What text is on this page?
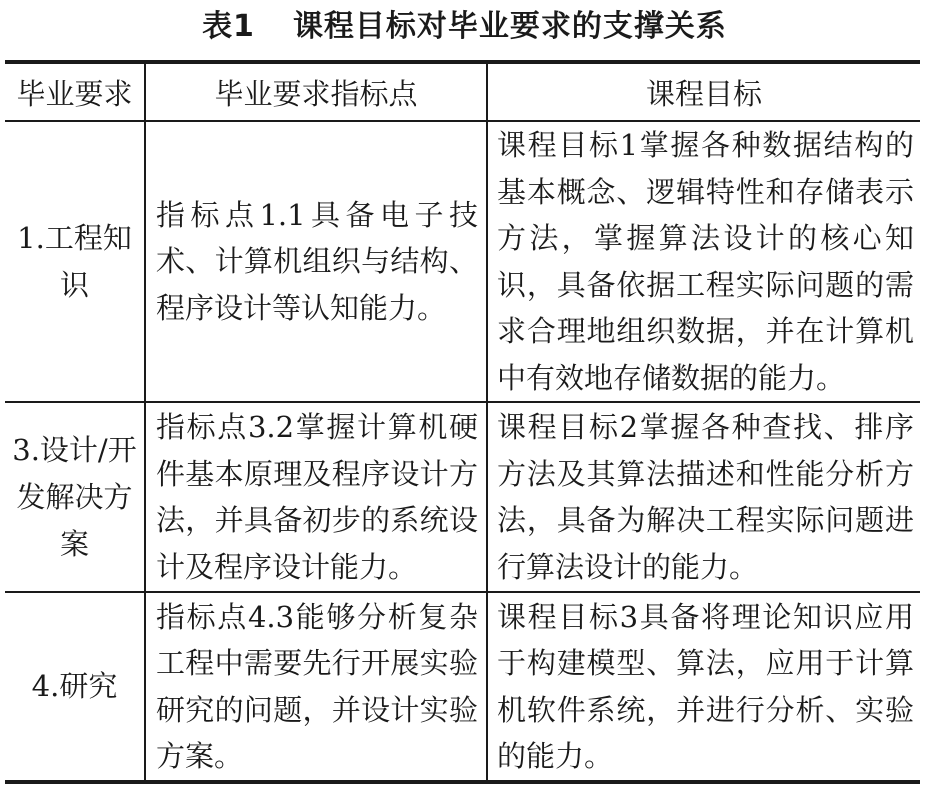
表1 课程目标对毕业要求的支撑关系
毕业要求	毕业要求指标点	课程目标
1.工程知识	指标点1.1具备电子技术、计算机组织与结构、程序设计等认知能力。	课程目标1掌握各种数据结构的基本概念、逻辑特性和存储表示方法，掌握算法设计的核心知识，具备依据工程实际问题的需求合理地组织数据，并在计算机中有效地存储数据的能力。
3.设计/开发解决方案	指标点3.2掌握计算机硬件基本原理及程序设计方法，并具备初步的系统设计及程序设计能力。	课程目标2掌握各种查找、排序方法及其算法描述和性能分析方法，具备为解决工程实际问题进行算法设计的能力。
4.研究	指标点4.3能够分析复杂工程中需要先行开展实验研究的问题，并设计实验方案。	课程目标3具备将理论知识应用于构建模型、算法，应用于计算机软件系统，并进行分析、实验的能力。
